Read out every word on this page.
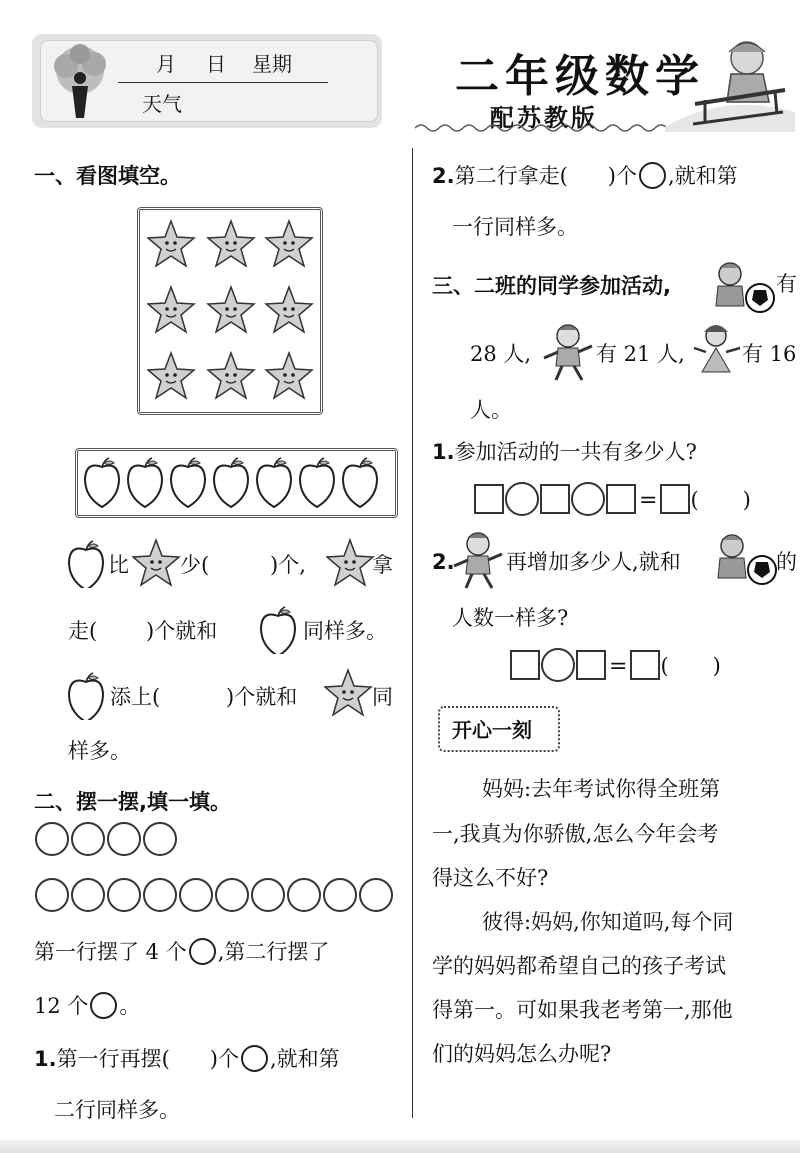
月 日 星期
天气
二年级数学
配苏教版
一、看图填空。
比 少(	)个,	拿
走( )个就和	同样多。
添上(	)个就和	同
样多。
二、摆一摆,填一填。
第一行摆了 4 个 ,第二行摆了
12 个 。
1.第一行再摆( )个 ,就和第
二行同样多。
2.第二行拿走( )个 ,就和第
一行同样多。
三、二班的同学参加活动,	有
28 人,	有 21 人,	有 16
人。
1.参加活动的一共有多少人?
= ( )
2. 再增加多少人,就和	的
人数一样多?
= ( )
开心一刻
妈妈:去年考试你得全班第
一,我真为你骄傲,怎么今年会考
得这么不好?
彼得:妈妈,你知道吗,每个同
学的妈妈都希望自己的孩子考试
得第一。可如果我老考第一,那他
们的妈妈怎么办呢?
